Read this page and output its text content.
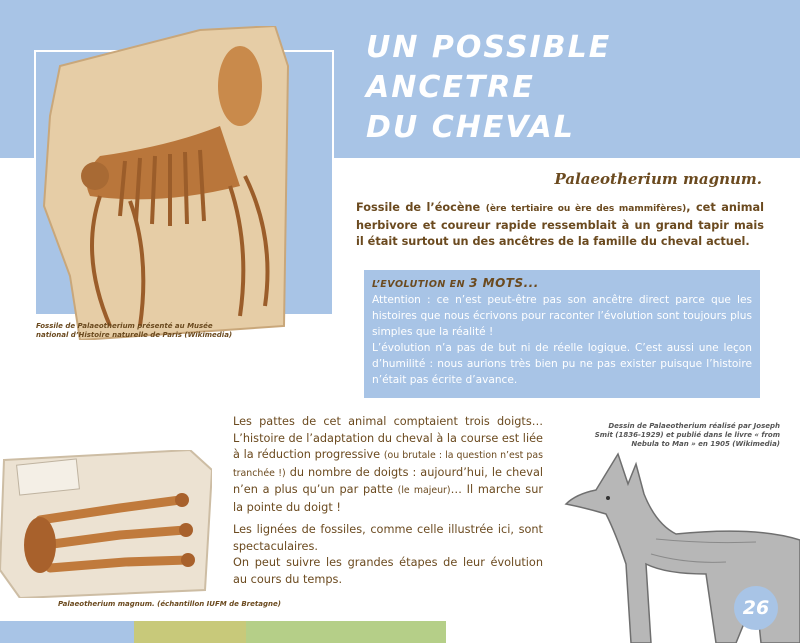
Fossile de Palaeotherium présenté au Musée national d’Histoire naturelle de Paris (Wikimedia)
UN POSSIBLE ANCETRE
DU CHEVAL
Palaeotherium magnum.
Fossile de l’éocène (ère tertiaire ou ère des mammifères), cet animal herbivore et coureur rapide ressemblait à un grand tapir mais il était surtout un des ancêtres de la famille du cheval actuel.
L’EVOLUTION EN 3 MOTS...
Attention : ce n’est peut-être pas son ancêtre direct parce que les histoires que nous écrivons pour raconter l’évolution sont toujours plus simples que la réalité !
L’évolution n’a pas de but ni de réelle logique. C’est aussi une leçon d’humilité : nous aurions très bien pu ne pas exister puisque l’histoire n’était pas écrite d’avance.

Les pattes de cet animal comptaient trois doigts… L’histoire de l’adaptation du cheval à la course est liée à la réduction progressive (ou brutale : la question n’est pas tranchée !) du nombre de doigts : aujourd’hui, le cheval n’en a plus qu’un par patte (le majeur)… Il marche sur la pointe du doigt !

Les lignées de fossiles, comme celle illustrée ici, sont spectaculaires.
On peut suivre les grandes étapes de leur évolution au cours du temps.

Dessin de Palaeotherium réalisé par Joseph Smit (1836-1929) et publié dans le livre « from Nebula to Man » en 1905 (Wikimedia)
Palaeotherium magnum. (échantillon IUFM de Bretagne)	26
